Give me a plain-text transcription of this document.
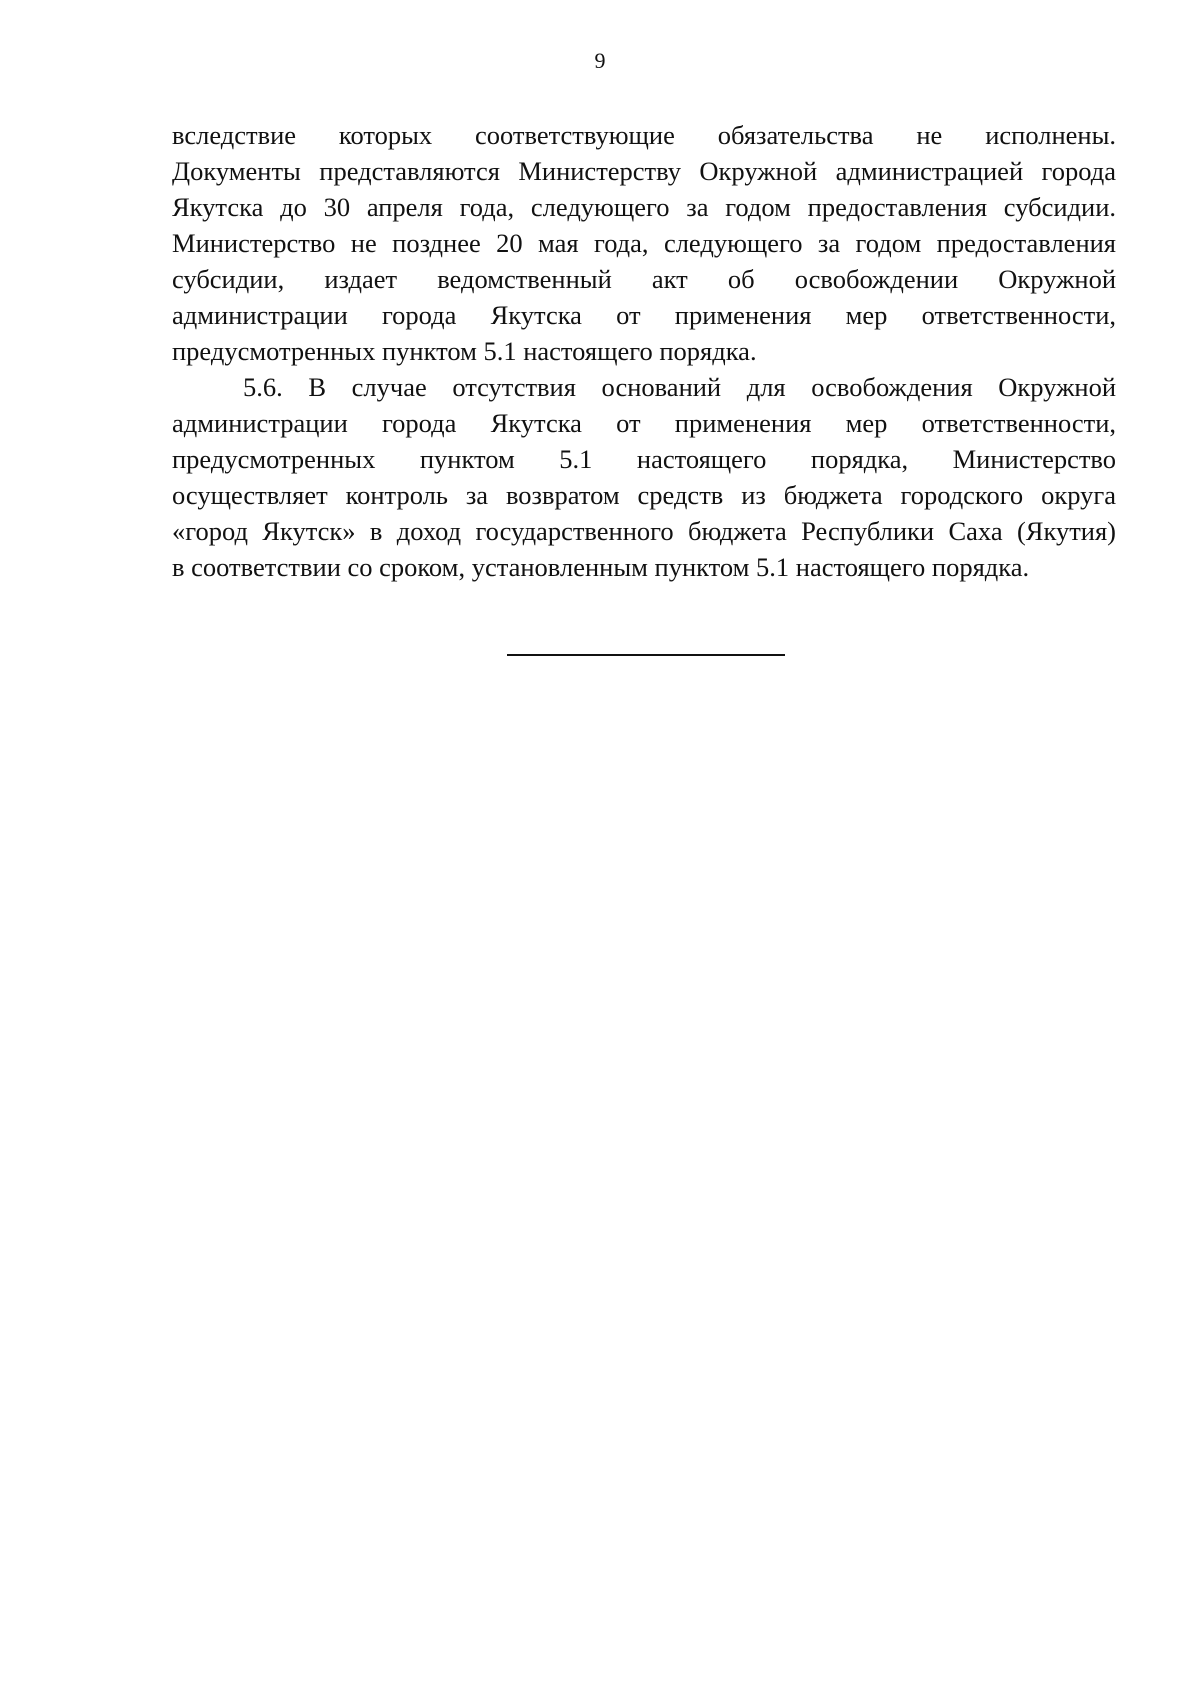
9
вследствие которых соответствующие обязательства не исполнены.
Документы представляются Министерству Окружной администрацией города
Якутска до 30 апреля года, следующего за годом предоставления субсидии.
Министерство не позднее 20 мая года, следующего за годом предоставления
субсидии, издает ведомственный акт об освобождении Окружной
администрации города Якутска от применения мер ответственности,
предусмотренных пунктом 5.1 настоящего порядка.
5.6. В случае отсутствия оснований для освобождения Окружной
администрации города Якутска от применения мер ответственности,
предусмотренных пунктом 5.1 настоящего порядка, Министерство
осуществляет контроль за возвратом средств из бюджета городского округа
«город Якутск» в доход государственного бюджета Республики Саха (Якутия)
в соответствии со сроком, установленным пунктом 5.1 настоящего порядка.
